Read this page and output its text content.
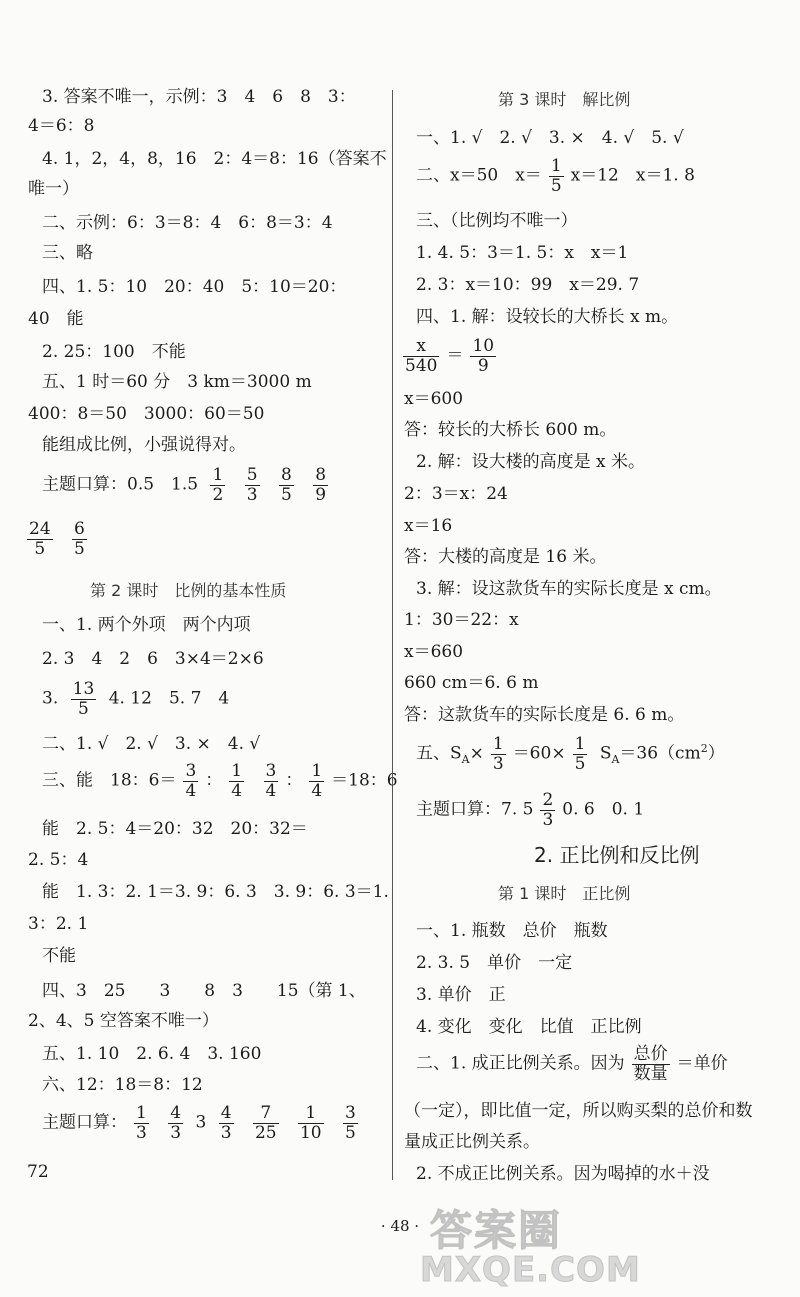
3. 答案不唯一，示例：3　4　6　8　3：
4＝6：8
4. 1，2，4，8，16　2：4＝8：16（答案不
唯一）
二、示例：6：3＝8：4　6：8＝3：4
三、略
四、1. 5：10　20：40　5：10＝20：
40　能
2. 25：100　不能
五、1 时＝60 分　3 km＝3000 m
400：8＝50　3000：60＝50
能组成比例，小强说得对。
主题口算：0.5　$1.5 \frac{1}{2}$
$\frac{5}{3}$
$\frac{8}{5}$
$\frac{8}{9}$
$\frac{24}{5}$
$\frac{6}{5}$
第 2 课时　比例的基本性质
一、1. 两个外项　两个内项
2. 3　4　2　6　3×4＝2×6
3. $\frac{13}{5} 4$. 12　5. 7　4
二、1. √　2. √　3. ×　4. √
三、能　18：$6= \frac{3}{4}$ ： $\frac{1}{4}$
$\frac{3}{4}$ ： $\frac{1}{4} =18$：6
能　2. 5：4＝20：32　20：32＝
2. 5：4
能　1. 3：2. 1＝3. 9：6. 3　3. 9：6. 3＝1.
3：2. 1
不能
四、3　25　　3　　8　3　　15（第 1、
2、4、5 空答案不唯一）
五、1. 10　2. 6. 4　3. 160
六、12：18＝8：12
主题口算： $\frac{1}{3}$
$\frac{4}{3} 3 \frac{4}{3}$
$\frac{7}{25}$
$\frac{1}{10}$
$\frac{3}{5}$
第 3 课时　解比例
一、1. √　2. √　3. ×　4. √　5. √
二、x＝50　$x= \frac{1}{5} x=12$　x＝1. 8
三、（比例均不唯一）
1. 4. 5：3＝1. 5：x　x＝1
2. 3：x＝10：99　x＝29. 7
四、1. 解：设较长的大桥长 x m。
$\frac{x}{540} = \frac{10}{9}$
x＝600
答：较长的大桥长 600 m。
2. 解：设大楼的高度是 x 米。
2：3＝x：24
x＝16
答：大楼的高度是 16 米。
3. 解：设这款货车的实际长度是 x cm。
1：30＝22：x
x＝660
660 cm＝6. 6 m
答：这款货车的实际长度是 6. 6 m。
五、$S_A\times \frac{1}{3} =60\times \frac{1}{5} S_A=36(cm^2)$
主题口算：7. $5 \frac{2}{3} 0$. 6　0. 1
2. 正比例和反比例
第 1 课时　正比例
一、1. 瓶数　总价　瓶数
2. 3. 5　单价　一定
3. 单价　正
4. 变化　变化　比值　正比例
二、1. 成正比例关系。因为 总价
数量 ＝单价
（一定），即比值一定，所以购买梨的总价和数
量成正比例关系。
2. 不成正比例关系。因为喝掉的水＋没
72
· 48 · 答案圈
MXQE.COM
